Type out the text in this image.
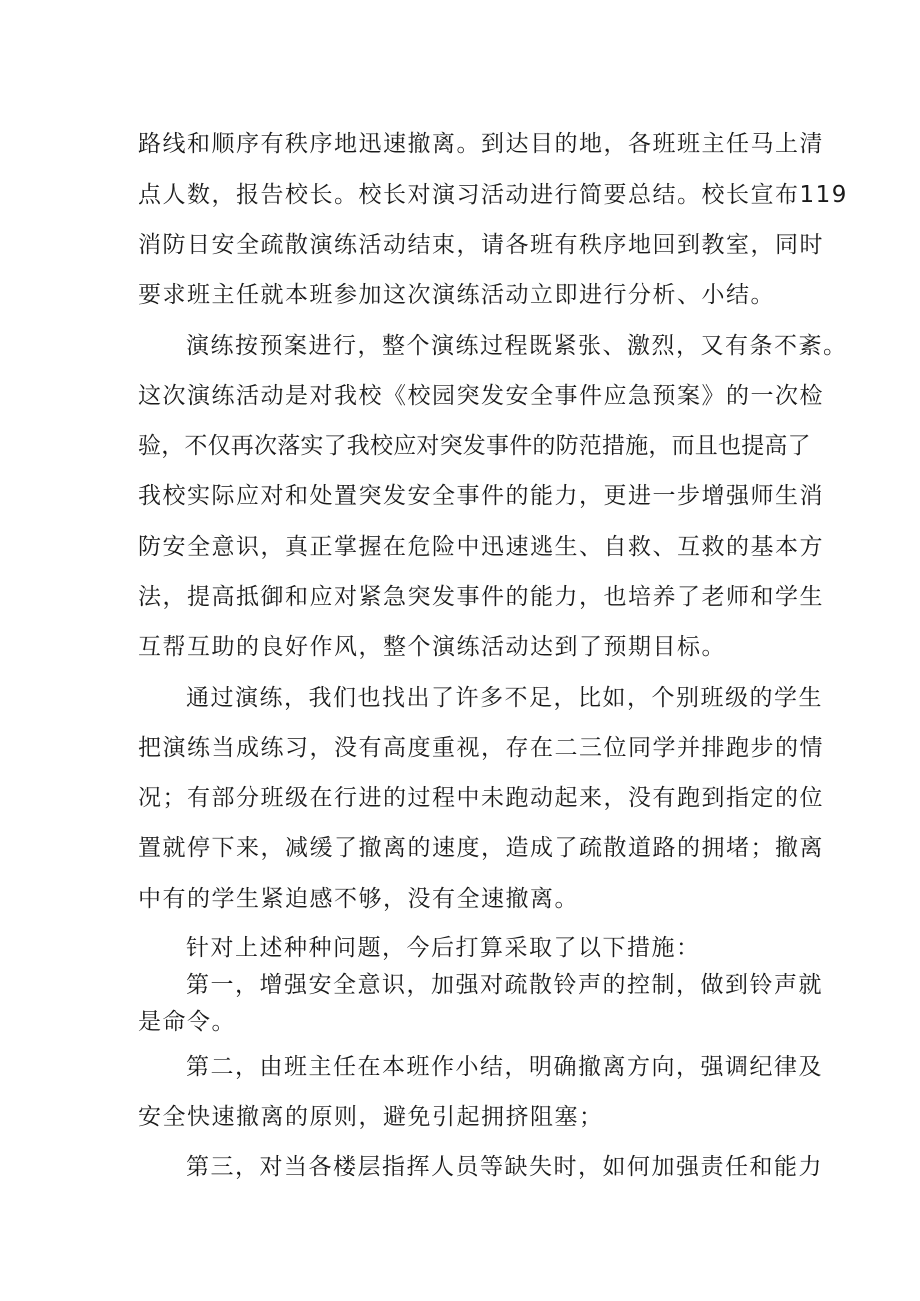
路线和顺序有秩序地迅速撤离。到达目的地，各班班主任马上清
点人数，报告校长。校长对演习活动进行简要总结。校长宣布119
消防日安全疏散演练活动结束，请各班有秩序地回到教室，同时
要求班主任就本班参加这次演练活动立即进行分析、小结。
演练按预案进行，整个演练过程既紧张、激烈，又有条不紊。
这次演练活动是对我校《校园突发安全事件应急预案》的一次检
验，不仅再次落实了我校应对突发事件的防范措施，而且也提高了
我校实际应对和处置突发安全事件的能力，更进一步增强师生消
防安全意识，真正掌握在危险中迅速逃生、自救、互救的基本方
法，提高抵御和应对紧急突发事件的能力，也培养了老师和学生
互帮互助的良好作风，整个演练活动达到了预期目标。
通过演练，我们也找出了许多不足，比如，个别班级的学生
把演练当成练习，没有高度重视，存在二三位同学并排跑步的情
况；有部分班级在行进的过程中未跑动起来，没有跑到指定的位
置就停下来，减缓了撤离的速度，造成了疏散道路的拥堵；撤离
中有的学生紧迫感不够，没有全速撤离。
针对上述种种问题，今后打算采取了以下措施：
第一，增强安全意识，加强对疏散铃声的控制，做到铃声就
是命令。
第二，由班主任在本班作小结，明确撤离方向，强调纪律及
安全快速撤离的原则，避免引起拥挤阻塞；
第三，对当各楼层指挥人员等缺失时，如何加强责任和能力
